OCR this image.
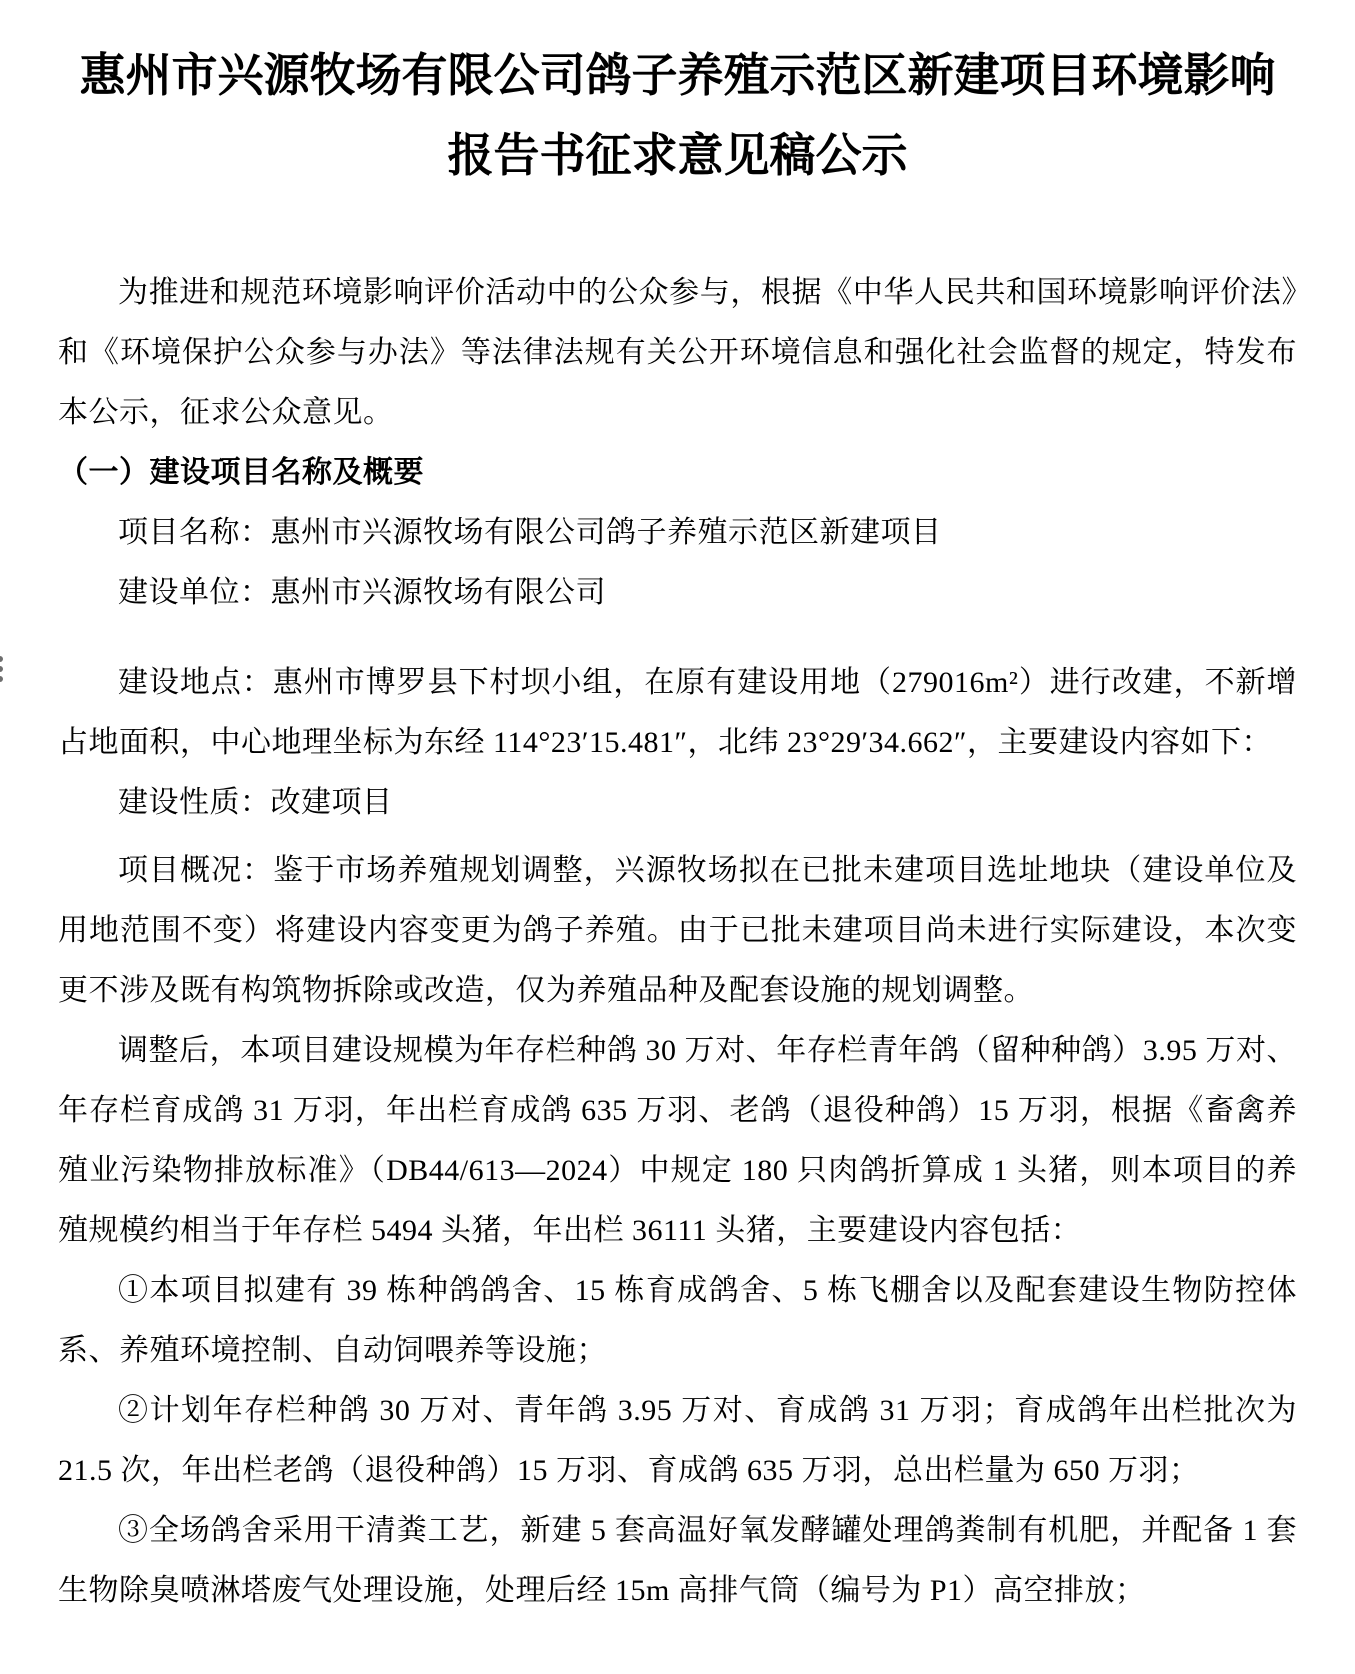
惠州市兴源牧场有限公司鸽子养殖示范区新建项目环境影响
报告书征求意见稿公示

为推进和规范环境影响评价活动中的公众参与，根据《中华人民共和国环境影响评价法》和《环境保护公众参与办法》等法律法规有关公开环境信息和强化社会监督的规定，特发布本公示，征求公众意见。

（一）建设项目名称及概要

项目名称：惠州市兴源牧场有限公司鸽子养殖示范区新建项目

建设单位：惠州市兴源牧场有限公司

建设地点：惠州市博罗县下村坝小组，在原有建设用地（279016m²）进行改建，不新增占地面积，中心地理坐标为东经 114°23′15.481″，北纬 23°29′34.662″，主要建设内容如下：

建设性质：改建项目

项目概况：鉴于市场养殖规划调整，兴源牧场拟在已批未建项目选址地块（建设单位及用地范围不变）将建设内容变更为鸽子养殖。由于已批未建项目尚未进行实际建设，本次变更不涉及既有构筑物拆除或改造，仅为养殖品种及配套设施的规划调整。

调整后，本项目建设规模为年存栏种鸽 30 万对、年存栏青年鸽（留种种鸽）3.95 万对、年存栏育成鸽 31 万羽，年出栏育成鸽 635 万羽、老鸽（退役种鸽）15 万羽，根据《畜禽养殖业污染物排放标准》（DB44/613—2024）中规定 180 只肉鸽折算成 1 头猪，则本项目的养殖规模约相当于年存栏 5494 头猪，年出栏 36111 头猪，主要建设内容包括：

①本项目拟建有 39 栋种鸽鸽舍、15 栋育成鸽舍、5 栋飞棚舍以及配套建设生物防控体系、养殖环境控制、自动饲喂养等设施；

②计划年存栏种鸽 30 万对、青年鸽 3.95 万对、育成鸽 31 万羽；育成鸽年出栏批次为 21.5 次，年出栏老鸽（退役种鸽）15 万羽、育成鸽 635 万羽，总出栏量为 650 万羽；

③全场鸽舍采用干清粪工艺，新建 5 套高温好氧发酵罐处理鸽粪制有机肥，并配备 1 套生物除臭喷淋塔废气处理设施，处理后经 15m 高排气筒（编号为 P1）高空排放；
